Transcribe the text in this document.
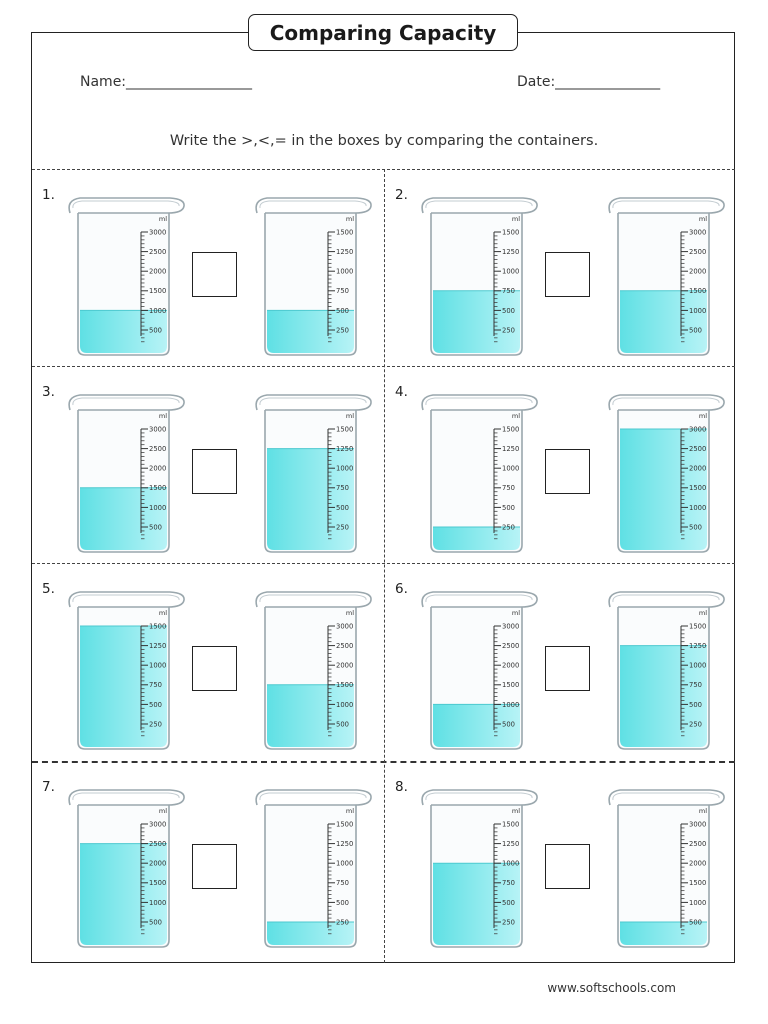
Comparing Capacity
Name:__________________	Date:_______________
Write the >,<,= in the boxes by comparing the containers.
1.
ml
3000
2500
2000
1500
1000
500
ml
1500
1250
1000
750
500
250
2.
ml
1500
1250
1000
750
500
250
ml
3000
2500
2000
1500
1000
500
3.
ml
3000
2500
2000
1500
1000
500
ml
1500
1250
1000
750
500
250
4.
ml
1500
1250
1000
750
500
250
ml
3000
2500
2000
1500
1000
500
5.
ml
1500
1250
1000
750
500
250
ml
3000
2500
2000
1500
1000
500
6.
ml
3000
2500
2000
1500
1000
500
ml
1500
1250
1000
750
500
250
7.
ml
3000
2500
2000
1500
1000
500
ml
1500
1250
1000
750
500
250
8.
ml
1500
1250
1000
750
500
250
ml
3000
2500
2000
1500
1000
500
www.softschools.com
